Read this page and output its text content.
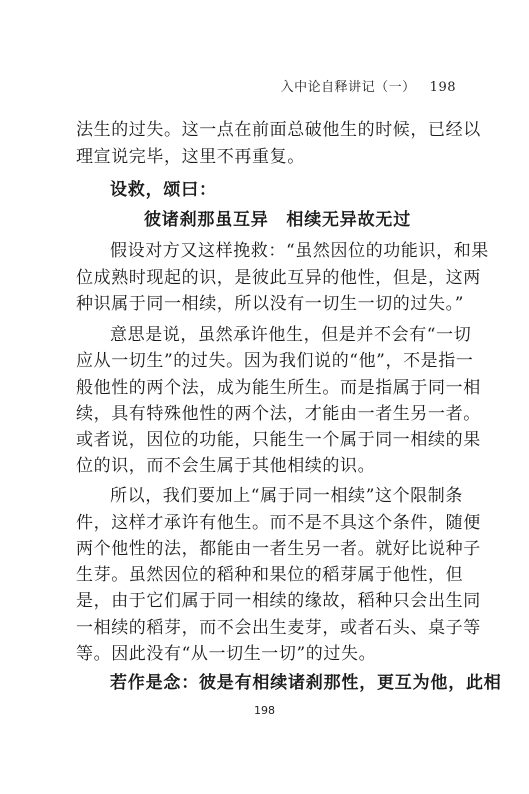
入中论自释讲记（一） 198
法生的过失。这一点在前面总破他生的时候，已经以
理宣说完毕，这里不再重复。
设救，颂曰：
彼诸刹那虽互异　相续无异故无过
假设对方又这样挽救：“虽然因位的功能识，和果
位成熟时现起的识，是彼此互异的他性，但是，这两
种识属于同一相续，所以没有一切生一切的过失。”
意思是说，虽然承许他生，但是并不会有“一切
应从一切生”的过失。因为我们说的“他”，不是指一
般他性的两个法，成为能生所生。而是指属于同一相
续，具有特殊他性的两个法，才能由一者生另一者。
或者说，因位的功能，只能生一个属于同一相续的果
位的识，而不会生属于其他相续的识。
所以，我们要加上“属于同一相续”这个限制条
件，这样才承许有他生。而不是不具这个条件，随便
两个他性的法，都能由一者生另一者。就好比说种子
生芽。虽然因位的稻种和果位的稻芽属于他性，但
是，由于它们属于同一相续的缘故，稻种只会出生同
一相续的稻芽，而不会出生麦芽，或者石头、桌子等
等。因此没有“从一切生一切”的过失。
若作是念：彼是有相续诸刹那性，更互为他，此相
198
